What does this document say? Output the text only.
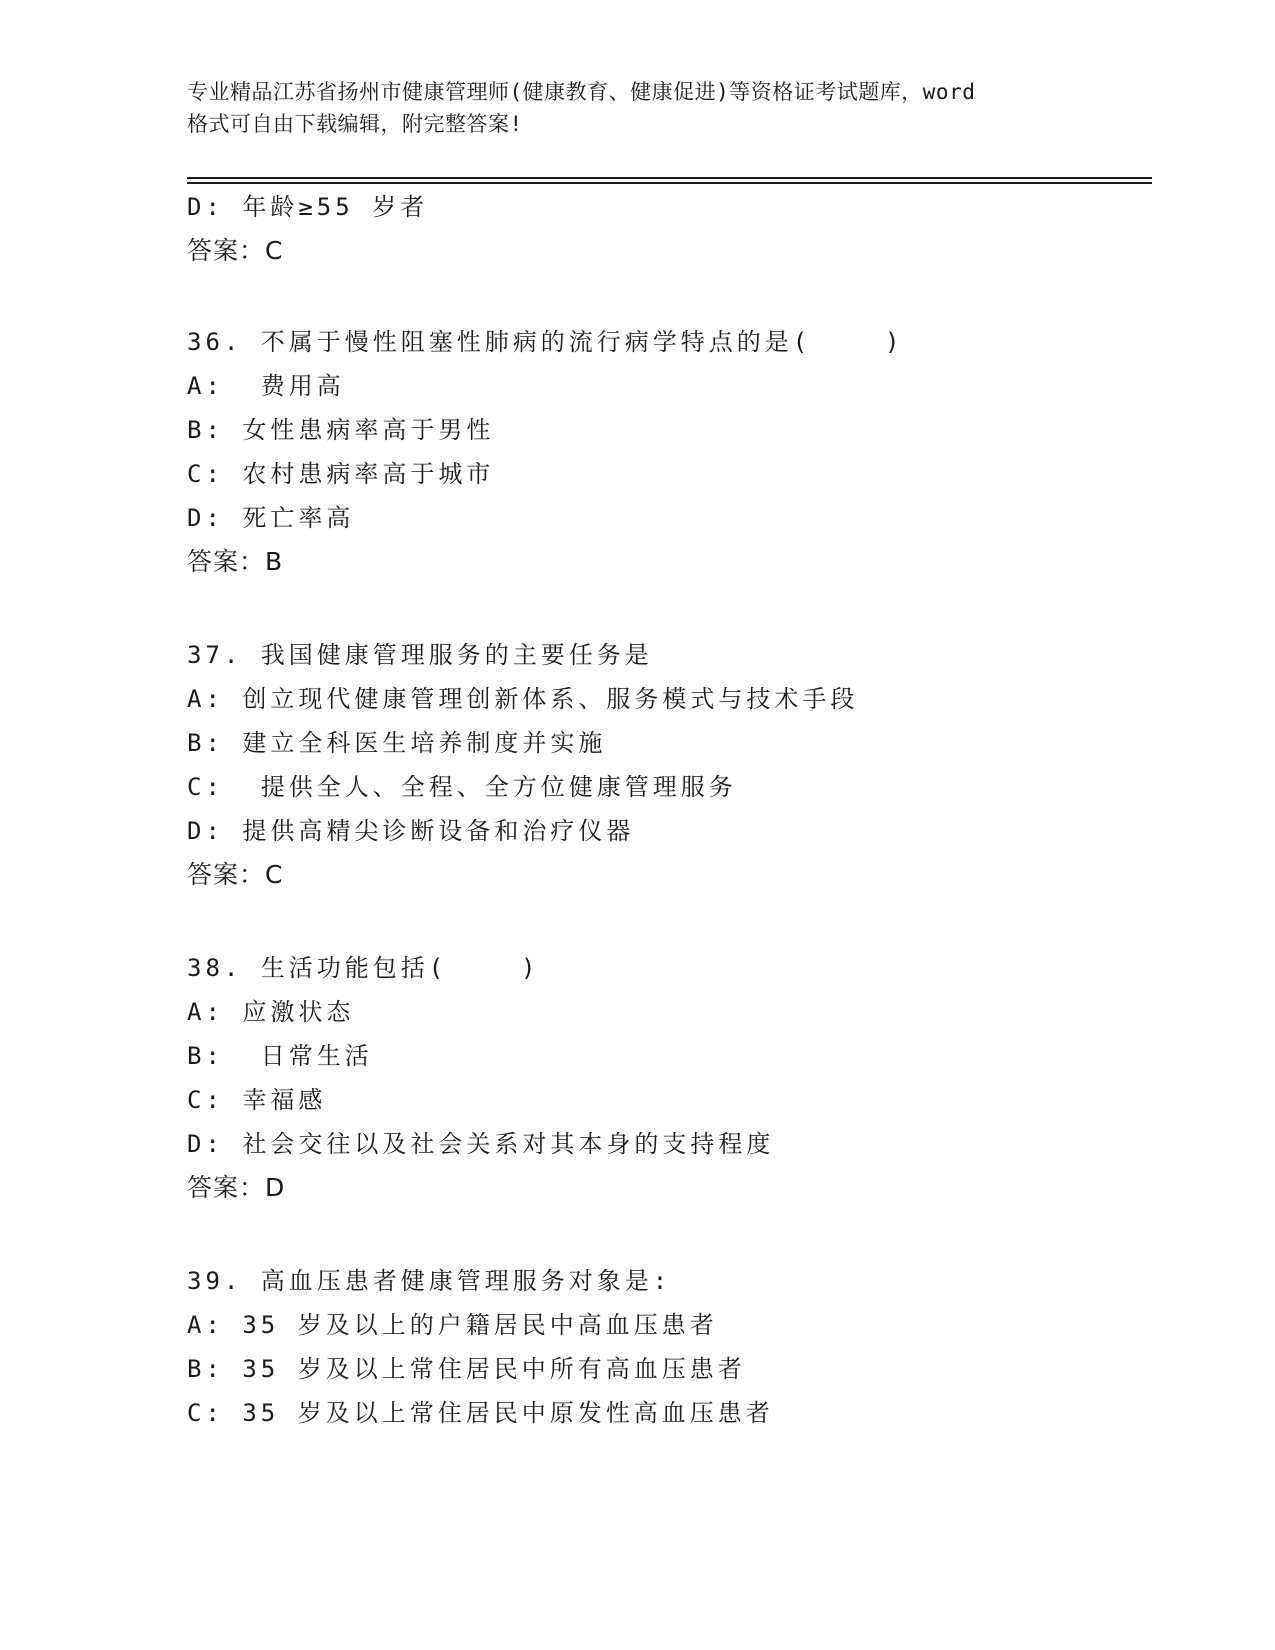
专业精品江苏省扬州市健康管理师(健康教育、健康促进)等资格证考试题库，word
格式可自由下载编辑，附完整答案!
D: 年龄≥55 岁者
答案：C
36. 不属于慢性阻塞性肺病的流行病学特点的是(    )
A:  费用高
B: 女性患病率高于男性
C: 农村患病率高于城市
D: 死亡率高
答案：B
37. 我国健康管理服务的主要任务是
A: 创立现代健康管理创新体系、服务模式与技术手段
B: 建立全科医生培养制度并实施
C:  提供全人、全程、全方位健康管理服务
D: 提供高精尖诊断设备和治疗仪器
答案：C
38. 生活功能包括(    )
A: 应激状态
B:  日常生活
C: 幸福感
D: 社会交往以及社会关系对其本身的支持程度
答案：D
39. 高血压患者健康管理服务对象是:
A: 35 岁及以上的户籍居民中高血压患者
B: 35 岁及以上常住居民中所有高血压患者
C: 35 岁及以上常住居民中原发性高血压患者
